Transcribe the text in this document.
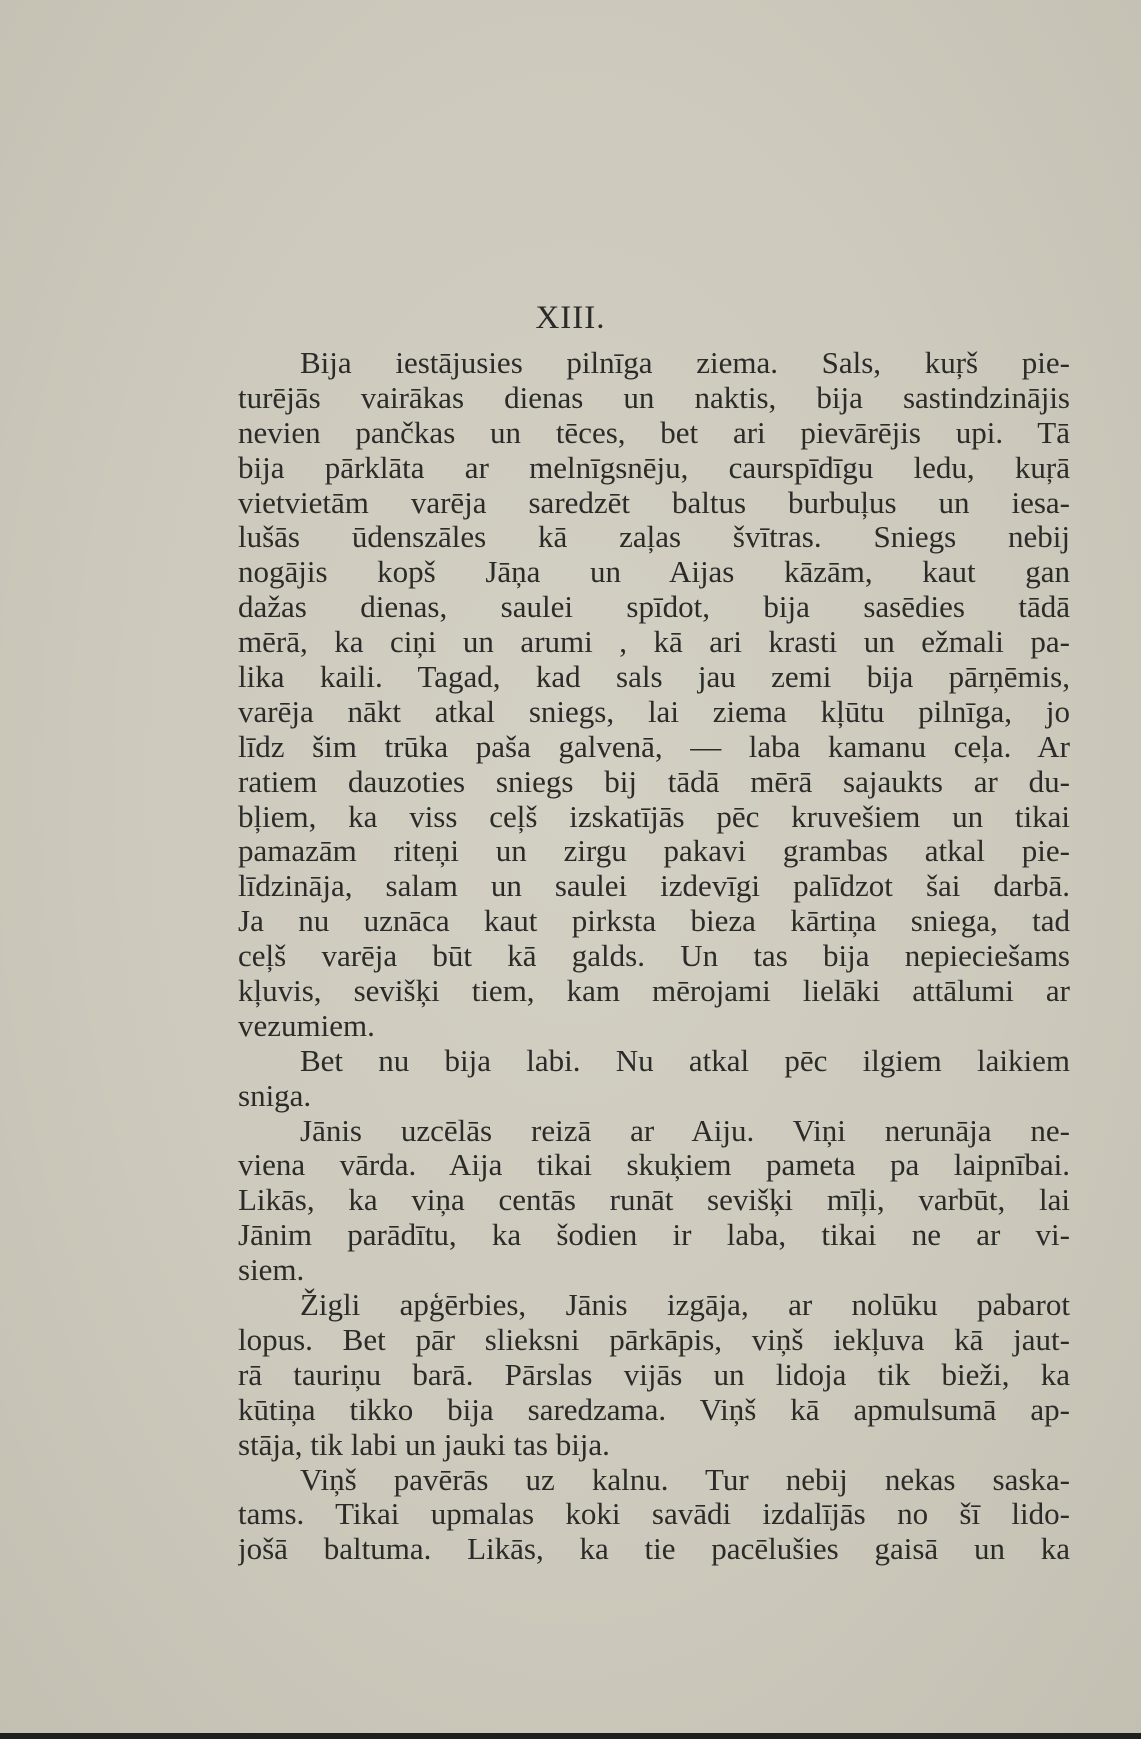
XIII.
Bija iestājusies pilnīga ziema. Sals, kuŗš pie-
turējās vairākas dienas un naktis, bija sastindzinājis
nevien pančkas un tēces, bet ari pievārējis upi. Tā
bija pārklāta ar melnīgsnēju, caurspīdīgu ledu, kuŗā
vietvietām varēja saredzēt baltus burbuļus un iesa-
lušās ūdenszāles kā zaļas švītras. Sniegs nebij
nogājis kopš Jāņa un Aijas kāzām, kaut gan
dažas dienas, saulei spīdot, bija sasēdies tādā
mērā, ka ciņi un arumi , kā ari krasti un ežmali pa-
lika kaili. Tagad, kad sals jau zemi bija pārņēmis,
varēja nākt atkal sniegs, lai ziema kļūtu pilnīga, jo
līdz šim trūka paša galvenā, — laba kamanu ceļa. Ar
ratiem dauzoties sniegs bij tādā mērā sajaukts ar du-
bļiem, ka viss ceļš izskatījās pēc kruvešiem un tikai
pamazām riteņi un zirgu pakavi grambas atkal pie-
līdzināja, salam un saulei izdevīgi palīdzot šai darbā.
Ja nu uznāca kaut pirksta bieza kārtiņa sniega, tad
ceļš varēja būt kā galds. Un tas bija nepieciešams
kļuvis, sevišķi tiem, kam mērojami lielāki attālumi ar
vezumiem.
Bet nu bija labi. Nu atkal pēc ilgiem laikiem
sniga.
Jānis uzcēlās reizā ar Aiju. Viņi nerunāja ne-
viena vārda. Aija tikai skuķiem pameta pa laipnībai.
Likās, ka viņa centās runāt sevišķi mīļi, varbūt, lai
Jānim parādītu, ka šodien ir laba, tikai ne ar vi-
siem.
Žigli apģērbies, Jānis izgāja, ar nolūku pabarot
lopus. Bet pār slieksni pārkāpis, viņš iekļuva kā jaut-
rā tauriņu barā. Pārslas vijās un lidoja tik bieži, ka
kūtiņa tikko bija saredzama. Viņš kā apmulsumā ap-
stāja, tik labi un jauki tas bija.
Viņš pavērās uz kalnu. Tur nebij nekas saska-
tams. Tikai upmalas koki savādi izdalījās no šī lido-
jošā baltuma. Likās, ka tie pacēlušies gaisā un ka
